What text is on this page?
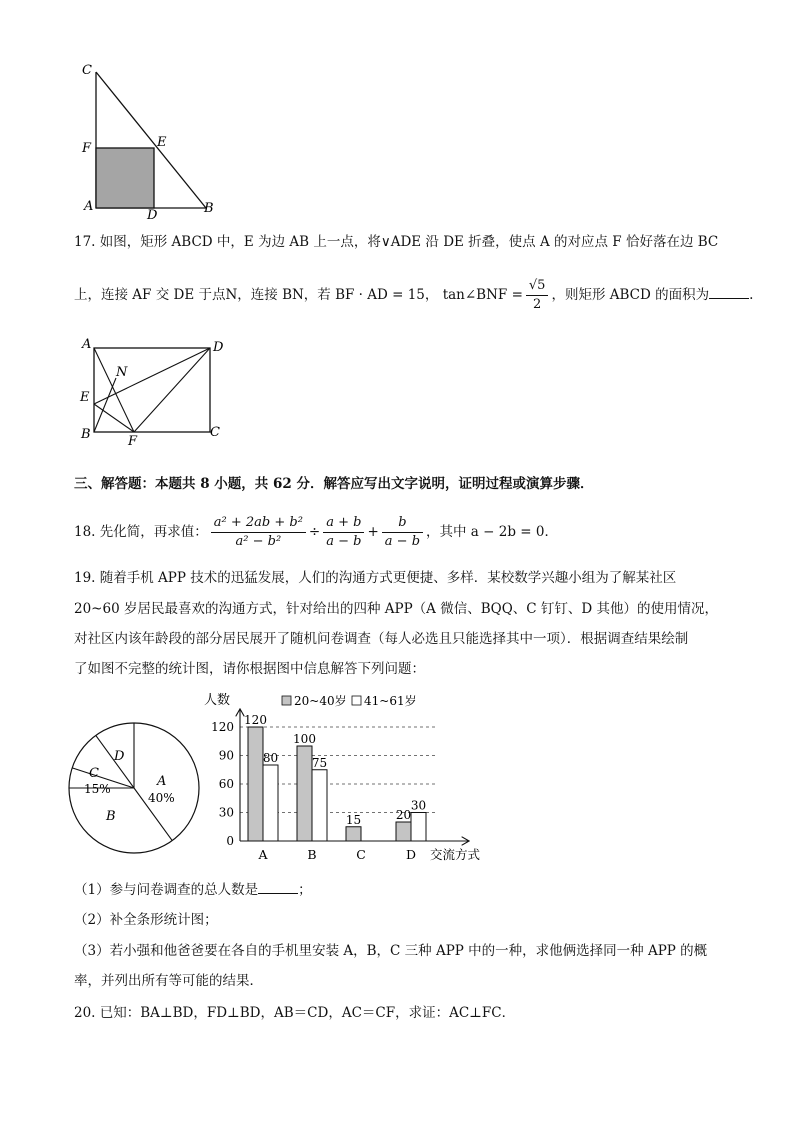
C
E
F
A
D	B
17. 如图，矩形 ABCD 中，E 为边 AB 上一点，将∨ADE 沿 DE 折叠，使点 A 的对应点 F 恰好落在边 BC
上，连接 AF 交 DE 于点N，连接 BN，若 BF · AD = 15， tan∠BNF = $\frac{√5}{2}$ ，则矩形 ABCD 的面积为	.
A	D
N
E
B	F
C
三、解答题：本题共 8 小题，共 62 分．解答应写出文字说明，证明过程或演算步骤．
18. 先化简，再求值： $\frac{\text{a² + 2ab + b²}}{\text{a² − b²}} \div \frac{a + b}{a - b} + \frac{b}{a - b}$ ，其中 a − 2b = 0．
19. 随着手机 APP 技术的迅猛发展，人们的沟通方式更便捷、多样．某校数学兴趣小组为了解某社区
20~60 岁居民最喜欢的沟通方式，针对给出的四种 APP（A 微信、BQQ、C 钉钉、D 其他）的使用情况，
对社区内该年龄段的部分居民展开了随机问卷调查（每人必选且只能选择其中一项）．根据调查结果绘制
了如图不完整的统计图，请你根据图中信息解答下列问题：
A
40%
B
C
15%
D
人数	20~40岁 41~61岁
0
30
60
90
120 120
80
A
100
75
B
15
C
20
30
D 交流方式
（1）参与问卷调查的总人数是	；
（2）补全条形统计图；
（3）若小强和他爸爸要在各自的手机里安装 A，B，C 三种 APP 中的一种，求他俩选择同一种 APP 的概
率，并列出所有等可能的结果．
20. 已知：BA⊥BD，FD⊥BD，AB＝CD，AC＝CF，求证：AC⊥FC．
